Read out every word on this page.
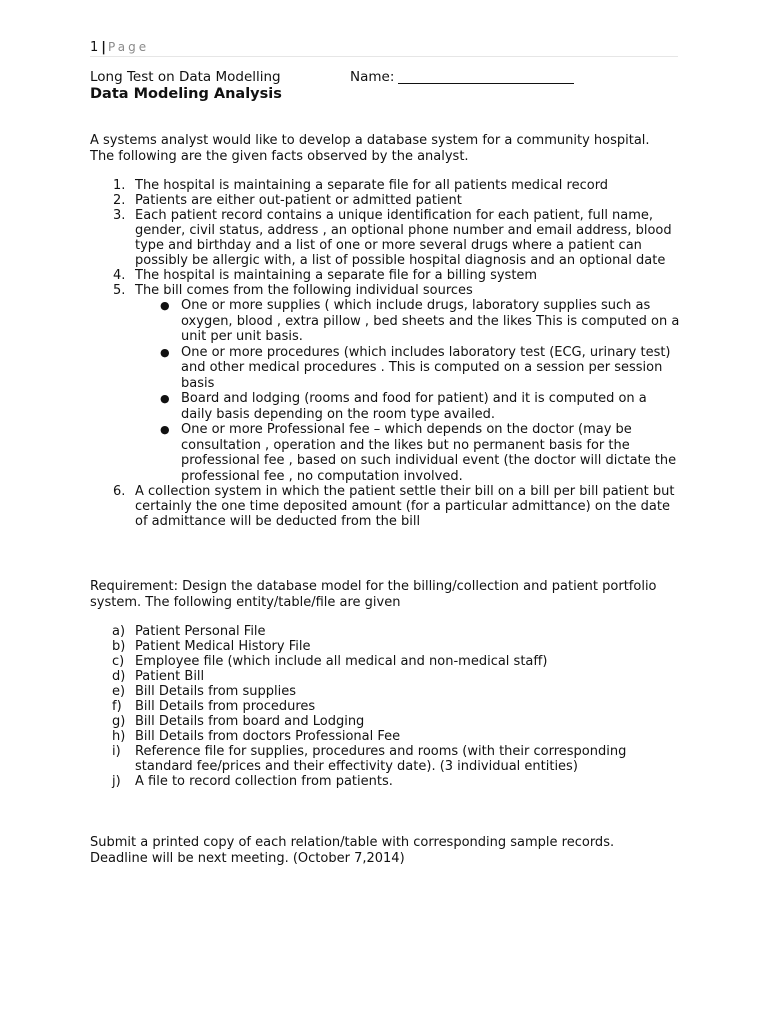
1 | Page
Long Test on Data Modelling	Name:
Data Modeling Analysis

A systems analyst would like to develop a database system for a community hospital.

The following are the given facts observed by the analyst.

1. The hospital is maintaining a separate file for all patients medical record
2. Patients are either out-patient or admitted patient
3. Each patient record contains a unique identification for each patient, full name, gender, civil status, address , an optional phone number and email address, blood type and birthday and a list of one or more several drugs where a patient can possibly be allergic with, a list of possible hospital diagnosis and an optional date
4. The hospital is maintaining a separate file for a billing system
5. The bill comes from the following individual sources
● One or more supplies ( which include drugs, laboratory supplies such as oxygen, blood , extra pillow , bed sheets and the likes This is computed on a unit per unit basis.
● One or more procedures (which includes laboratory test (ECG, urinary test) and other medical procedures . This is computed on a session per session basis
● Board and lodging (rooms and food for patient) and it is computed on a daily basis depending on the room type availed.
● One or more Professional fee – which depends on the doctor (may be consultation , operation and the likes but no permanent basis for the professional fee , based on such individual event (the doctor will dictate the professional fee , no computation involved.
6. A collection system in which the patient settle their bill on a bill per bill patient but certainly the one time deposited amount (for a particular admittance) on the date of admittance will be deducted from the bill

Requirement: Design the database model for the billing/collection and patient portfolio

system. The following entity/table/file are given

a) Patient Personal File
b) Patient Medical History File
c) Employee file (which include all medical and non-medical staff)
d) Patient Bill
e) Bill Details from supplies
f) Bill Details from procedures
g) Bill Details from board and Lodging
h) Bill Details from doctors Professional Fee
i) Reference file for supplies, procedures and rooms (with their corresponding standard fee/prices and their effectivity date). (3 individual entities)
j) A file to record collection from patients.

Submit a printed copy of each relation/table with corresponding sample records.

Deadline will be next meeting. (October 7,2014)
